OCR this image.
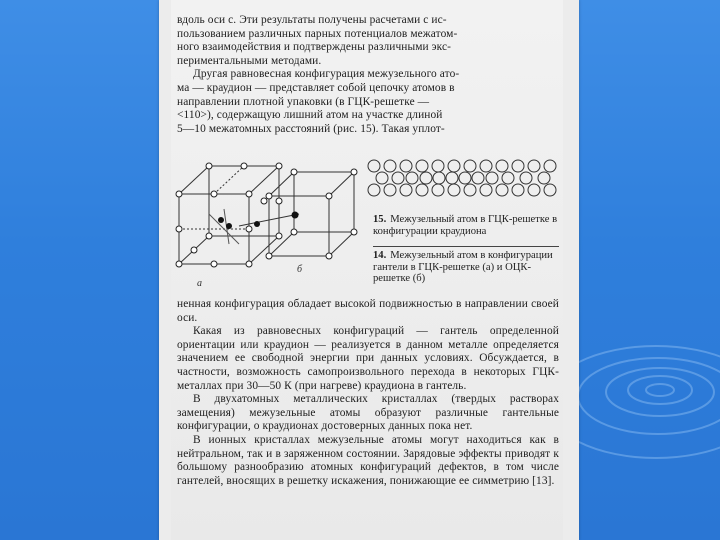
вдоль оси c. Эти результаты получены расчетами с ис-

пользованием различных парных потенциалов межатом-

ного взаимодействия и подтверждены различными экс-

периментальными методами.

Другая равновесная конфигурация межузельного ато-

ма — краудион — представляет собой цепочку атомов в

направлении плотной упаковки (в ГЦК-решетке —

<110>), содержащую лишний атом на участке длиной

5—10 межатомных расстояний (рис. 15). Такая уплот-

а
б
15. Межузельный атом в ГЦК-решетке в конфигурации краудиона
14. Межузельный атом в конфигурации гантели в ГЦК-решетке (а) и ОЦК-решетке (б)

ненная конфигурация обладает высокой подвижностью в направлении своей оси.

Какая из равновесных конфигураций — гантель определенной ориентации или краудион — реализуется в данном металле определяется значением ее свободной энергии при данных условиях. Обсуждается, в частности, возможность самопроизвольного перехода в некоторых ГЦК-металлах при 30—50 К (при нагреве) краудиона в гантель.

В двухатомных металлических кристаллах (твердых растворах замещения) межузельные атомы образуют различные гантельные конфигурации, о краудионах достоверных данных пока нет.

В ионных кристаллах межузельные атомы могут находиться как в нейтральном, так и в заряженном состоянии. Зарядовые эффекты приводят к большому разнообразию атомных конфигураций дефектов, в том числе гантелей, вносящих в решетку искажения, понижающие ее симметрию [13].
